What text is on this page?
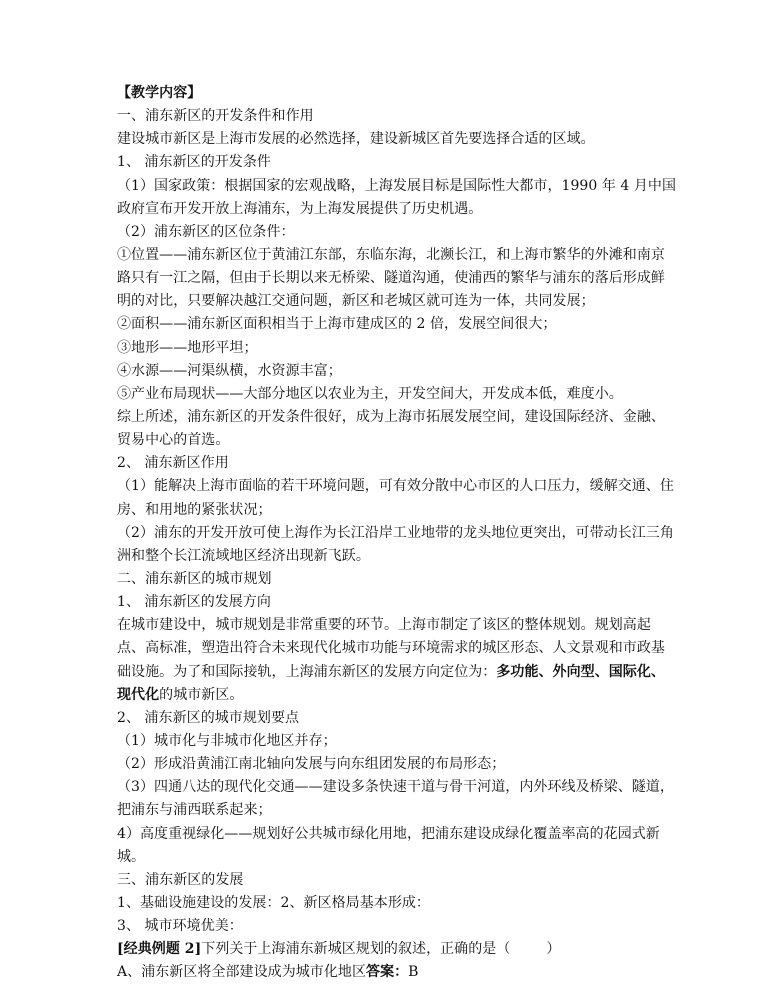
【教学内容】
一、浦东新区的开发条件和作用
建设城市新区是上海市发展的必然选择，建设新城区首先要选择合适的区域。
1、 浦东新区的开发条件
（1）国家政策：根据国家的宏观战略，上海发展目标是国际性大都市，1990 年 4 月中国
政府宣布开发开放上海浦东，为上海发展提供了历史机遇。
（2）浦东新区的区位条件：
①位置——浦东新区位于黄浦江东部，东临东海，北濒长江，和上海市繁华的外滩和南京
路只有一江之隔，但由于长期以来无桥梁、隧道沟通，使浦西的繁华与浦东的落后形成鲜
明的对比，只要解决越江交通问题，新区和老城区就可连为一体，共同发展；
②面积——浦东新区面积相当于上海市建成区的 2 倍，发展空间很大；
③地形——地形平坦；
④水源——河渠纵横，水资源丰富；
⑤产业布局现状——大部分地区以农业为主，开发空间大，开发成本低，难度小。
综上所述，浦东新区的开发条件很好，成为上海市拓展发展空间，建设国际经济、金融、
贸易中心的首选。
2、 浦东新区作用
（1）能解决上海市面临的若干环境问题，可有效分散中心市区的人口压力，缓解交通、住
房、和用地的紧张状况；
（2）浦东的开发开放可使上海作为长江沿岸工业地带的龙头地位更突出，可带动长江三角
洲和整个长江流域地区经济出现新飞跃。
二、浦东新区的城市规划
1、 浦东新区的发展方向
在城市建设中，城市规划是非常重要的环节。上海市制定了该区的整体规划。规划高起
点、高标准，塑造出符合未来现代化城市功能与环境需求的城区形态、人文景观和市政基
础设施。为了和国际接轨，上海浦东新区的发展方向定位为：多功能、外向型、国际化、
现代化的城市新区。
2、 浦东新区的城市规划要点
（1）城市化与非城市化地区并存；
（2）形成沿黄浦江南北轴向发展与向东组团发展的布局形态；
（3）四通八达的现代化交通——建设多条快速干道与骨干河道，内外环线及桥梁、隧道，
把浦东与浦西联系起来；
4）高度重视绿化——规划好公共城市绿化用地，把浦东建设成绿化覆盖率高的花园式新
城。
三、浦东新区的发展
1、基础设施建设的发展：2、新区格局基本形成：
3、 城市环境优美：
[经典例题 2]下列关于上海浦东新城区规划的叙述，正确的是（	）
A、浦东新区将全部建设成为城市化地区答案：B
